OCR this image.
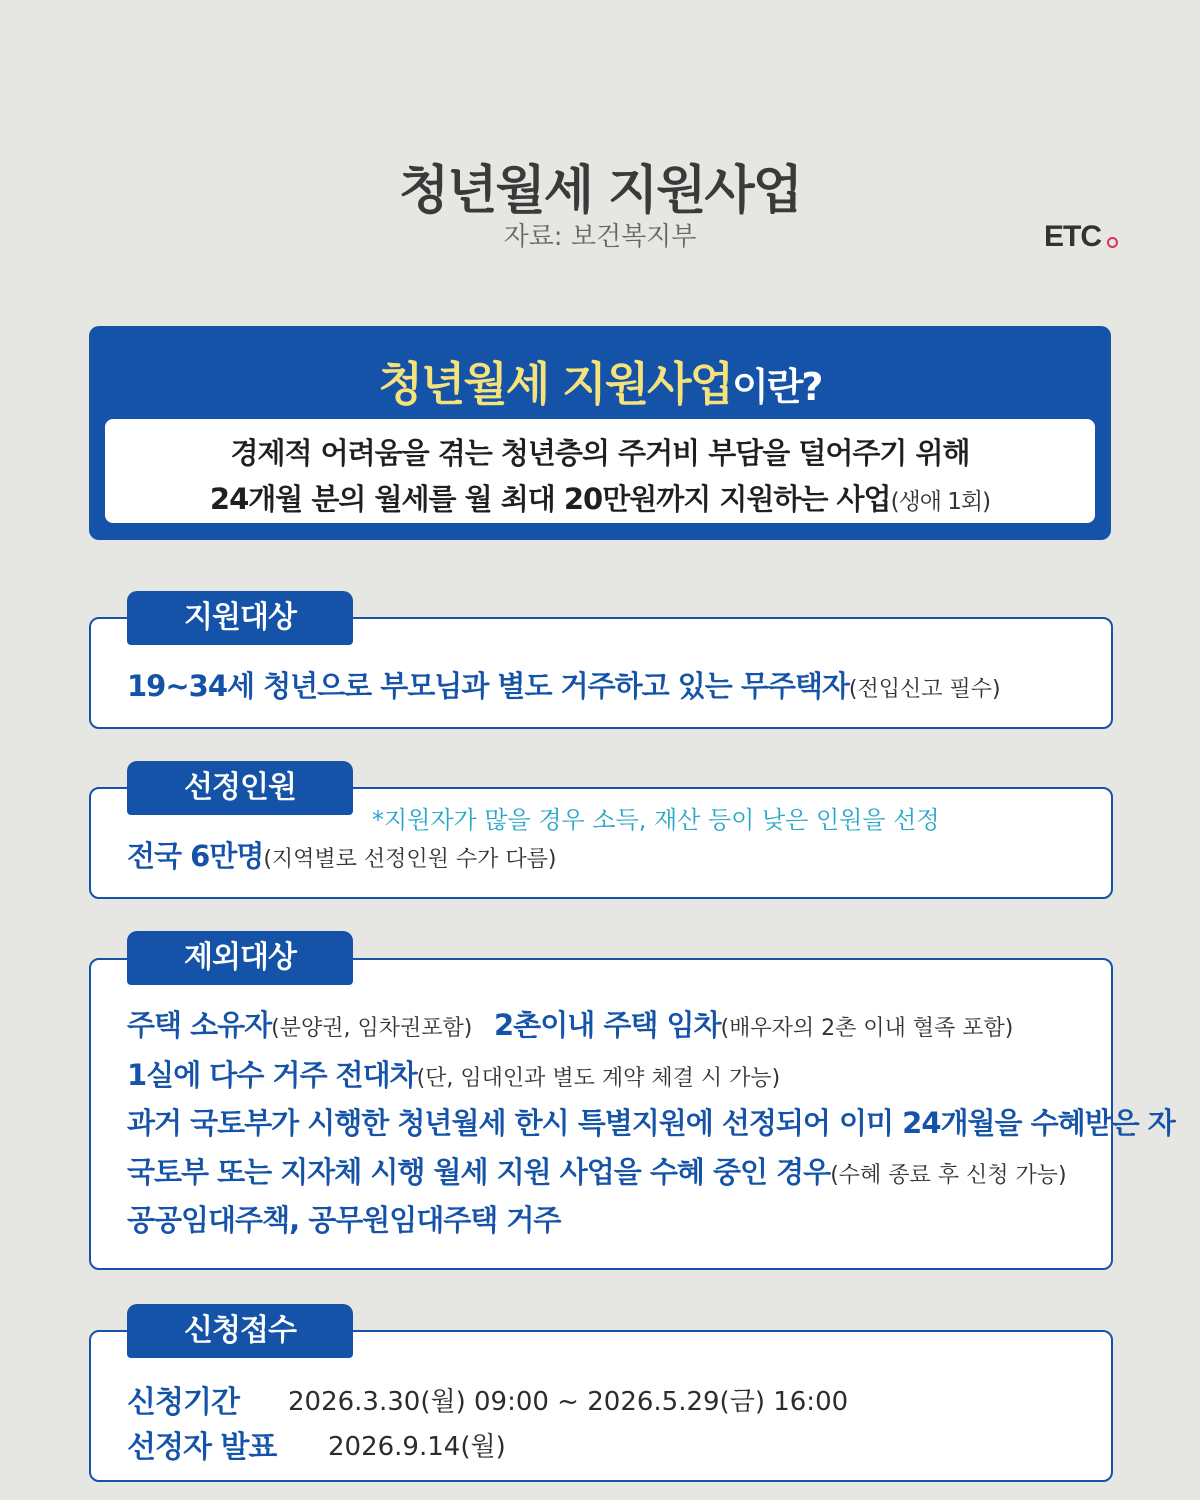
청년월세 지원사업
자료: 보건복지부	ETC
청년월세 지원사업이란?
경제적 어려움을 겪는 청년층의 주거비 부담을 덜어주기 위해
24개월 분의 월세를 월 최대 20만원까지 지원하는 사업(생애 1회)
지원대상
19~34세 청년으로 부모님과 별도 거주하고 있는 무주택자(전입신고 필수)
선정인원
*지원자가 많을 경우 소득, 재산 등이 낮은 인원을 선정
전국 6만명(지역별로 선정인원 수가 다름)
제외대상
주택 소유자(분양권, 임차권포함) 2촌이내 주택 임차(배우자의 2촌 이내 혈족 포함)
1실에 다수 거주 전대차(단, 임대인과 별도 계약 체결 시 가능)
과거 국토부가 시행한 청년월세 한시 특별지원에 선정되어 이미 24개월을 수혜받은 자
국토부 또는 지자체 시행 월세 지원 사업을 수혜 중인 경우(수혜 종료 후 신청 가능)
공공임대주책, 공무원임대주택 거주
신청접수
신청기간 2026.3.30(월) 09:00 ~ 2026.5.29(금) 16:00
선정자 발표 2026.9.14(월)
